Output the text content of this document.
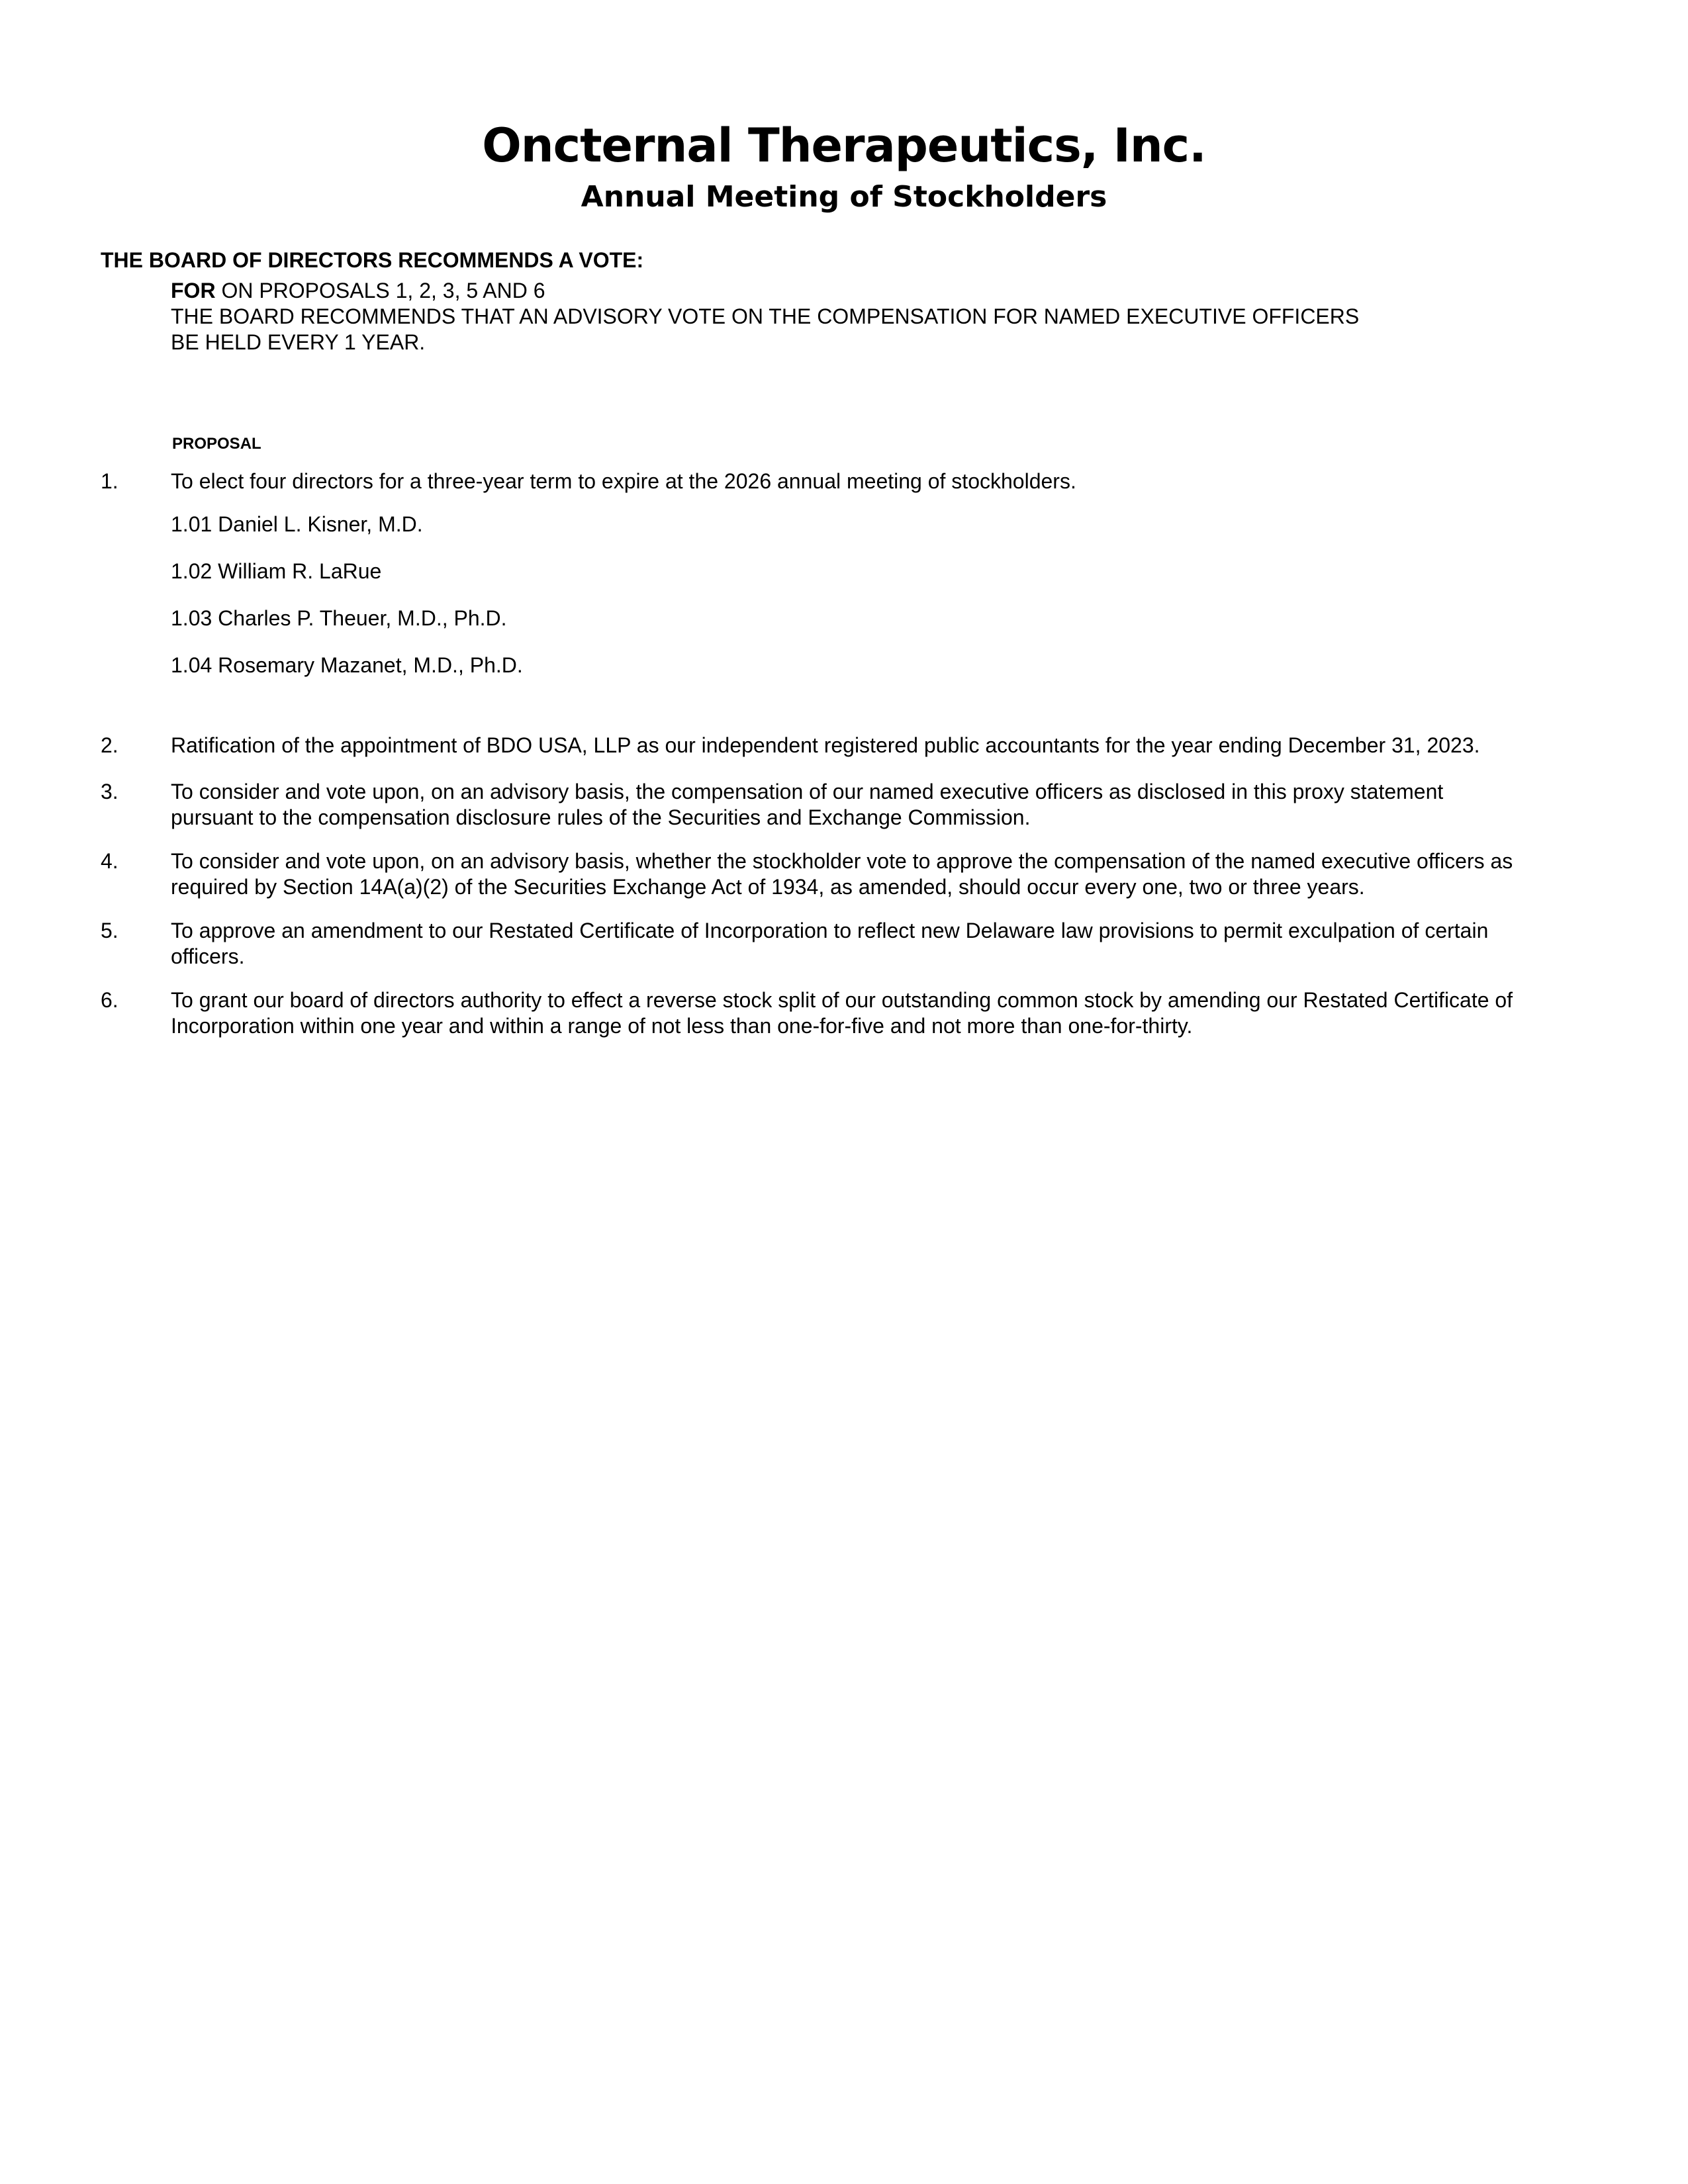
Oncternal Therapeutics, Inc.
Annual Meeting of Stockholders
THE BOARD OF DIRECTORS RECOMMENDS A VOTE:
FOR ON PROPOSALS 1, 2, 3, 5 AND 6
THE BOARD RECOMMENDS THAT AN ADVISORY VOTE ON THE COMPENSATION FOR NAMED EXECUTIVE OFFICERS
BE HELD EVERY 1 YEAR.
PROPOSAL
1. To elect four directors for a three-year term to expire at the 2026 annual meeting of stockholders.
1.01 Daniel L. Kisner, M.D.
1.02 William R. LaRue
1.03 Charles P. Theuer, M.D., Ph.D.
1.04 Rosemary Mazanet, M.D., Ph.D.
2. Ratification of the appointment of BDO USA, LLP as our independent registered public accountants for the year ending December 31, 2023.
3. To consider and vote upon, on an advisory basis, the compensation of our named executive officers as disclosed in this proxy statement
pursuant to the compensation disclosure rules of the Securities and Exchange Commission.
4. To consider and vote upon, on an advisory basis, whether the stockholder vote to approve the compensation of the named executive officers as
required by Section 14A(a)(2) of the Securities Exchange Act of 1934, as amended, should occur every one, two or three years.
5. To approve an amendment to our Restated Certificate of Incorporation to reflect new Delaware law provisions to permit exculpation of certain
officers.
6. To grant our board of directors authority to effect a reverse stock split of our outstanding common stock by amending our Restated Certificate of
Incorporation within one year and within a range of not less than one-for-five and not more than one-for-thirty.
